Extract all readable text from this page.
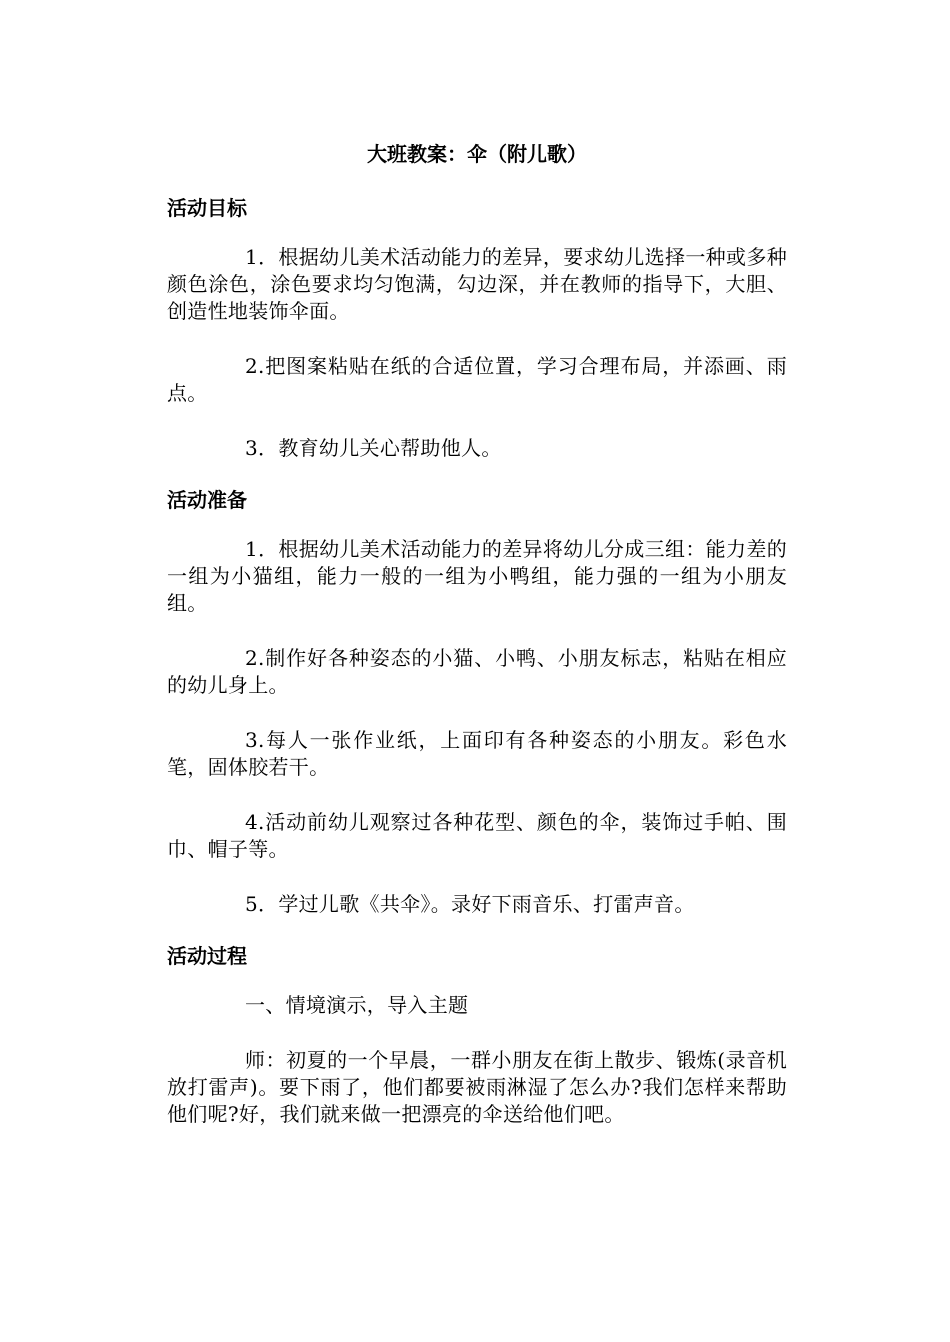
大班教案：伞（附儿歌）
活动目标

1．根据幼儿美术活动能力的差异，要求幼儿选择一种或多种颜色涂色，涂色要求均匀饱满，勾边深，并在教师的指导下，大胆、创造性地装饰伞面。

2.把图案粘贴在纸的合适位置，学习合理布局，并添画、雨点。

3．教育幼儿关心帮助他人。

活动准备

1．根据幼儿美术活动能力的差异将幼儿分成三组：能力差的一组为小猫组，能力一般的一组为小鸭组，能力强的一组为小朋友组。

2.制作好各种姿态的小猫、小鸭、小朋友标志，粘贴在相应的幼儿身上。

3.每人一张作业纸，上面印有各种姿态的小朋友。彩色水笔，固体胶若干。

4.活动前幼儿观察过各种花型、颜色的伞，装饰过手帕、围巾、帽子等。

5．学过儿歌《共伞》。录好下雨音乐、打雷声音。

活动过程

一、情境演示，导入主题

师：初夏的一个早晨，一群小朋友在街上散步、锻炼(录音机放打雷声)。要下雨了，他们都要被雨淋湿了怎么办?我们怎样来帮助他们呢?好，我们就来做一把漂亮的伞送给他们吧。
